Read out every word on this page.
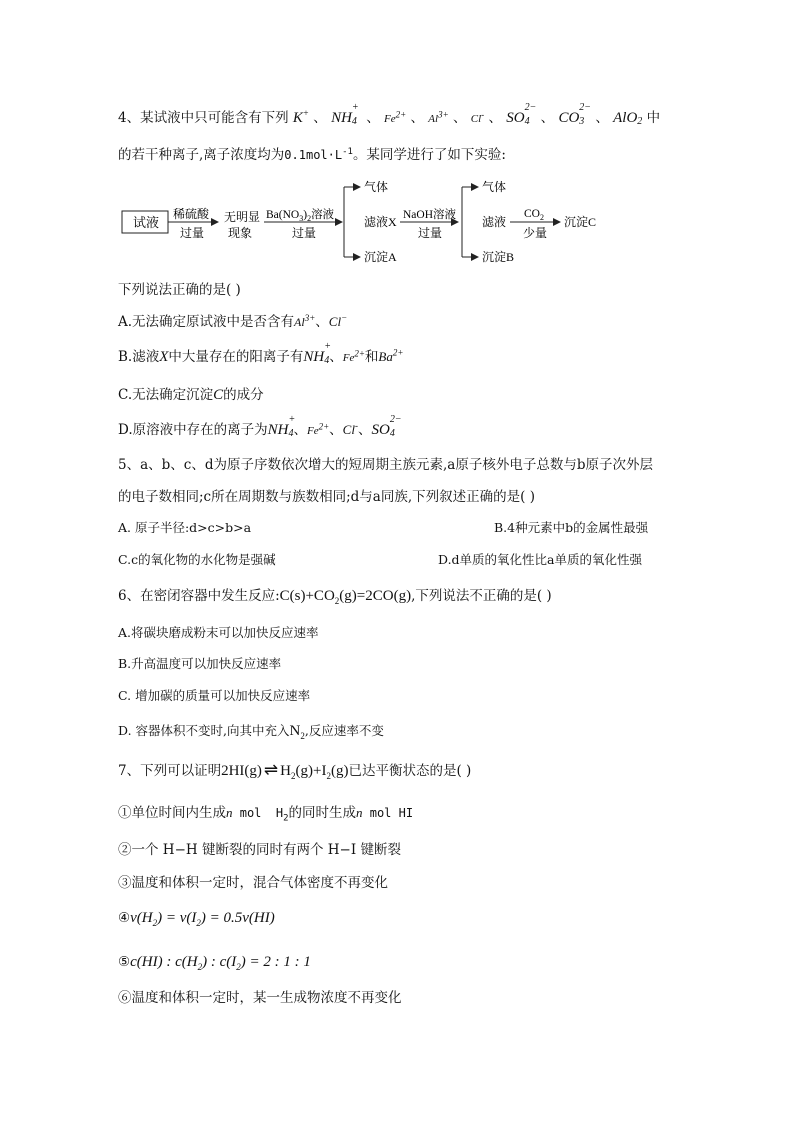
4、某试液中只可能含有下列 K+ 、 NH
+
4 、 $Fe^{2+}$ 、 $Al^{3+}$ 、 Cl- 、 SO
2−
4 、 CO
2−
3 、 AlO 2 中
的若干种离子,离子浓度均为$0.1mol\cdot L^{-1}$。某同学进行了如下实验:
试液
稀硫酸
过量
无明显
现象
$Ba(NO_3)_2$溶液
过量
气体
滤液X
沉淀A
NaOH溶液
过量
气体
滤液
沉淀B
$CO_2$
少量
沉淀C
下列说法正确的是( )
A.无法确定原试液中是否含有$Al^{3+}$、Cl−
B.滤液X中大量存在的阳离子有NH
+
4 、$Fe^{2+}$和$Ba^{2+}$
C.无法确定沉淀C的成分
D.原溶液中存在的离子为NH
+
4 、$Fe^{2+}$、Cl-、SO
2−
4
5、a、b、c、d为原子序数依次增大的短周期主族元素,a原子核外电子总数与b原子次外层
的电子数相同;c所在周期数与族数相同;d与a同族,下列叙述正确的是( )
A. 原子半径:d>c>b>a	B.4种元素中b的金属性最强
C.c的氧化物的水化物是强碱	D.d单质的氧化性比a单质的氧化性强
6、在密闭容器中发生反应$:C(s)+CO_2(g)=2CO(g)$,下列说法不正确的是( )
A.将碳块磨成粉末可以加快反应速率
B.升高温度可以加快反应速率
C. 增加碳的质量可以加快反应速率
D. 容器体积不变时,向其中充入$N_2$,反应速率不变
7、下列可以证明2HI(g) ⇌ $H_2(g)+I_2(g)$已达平衡状态的是( )
①单位时间内生成n mol  $H_2$的同时生成n mol HI
②一个 H−H 键断裂的同时有两个 H−I 键断裂
③温度和体积一定时，混合气体密度不再变化
$④v(H_2) = v(I_2) = 0.5v(HI)$
⑤c(HI) : $c(H_2)$ : $c(I_2) = 2$ : 1 : 1
⑥温度和体积一定时，某一生成物浓度不再变化
